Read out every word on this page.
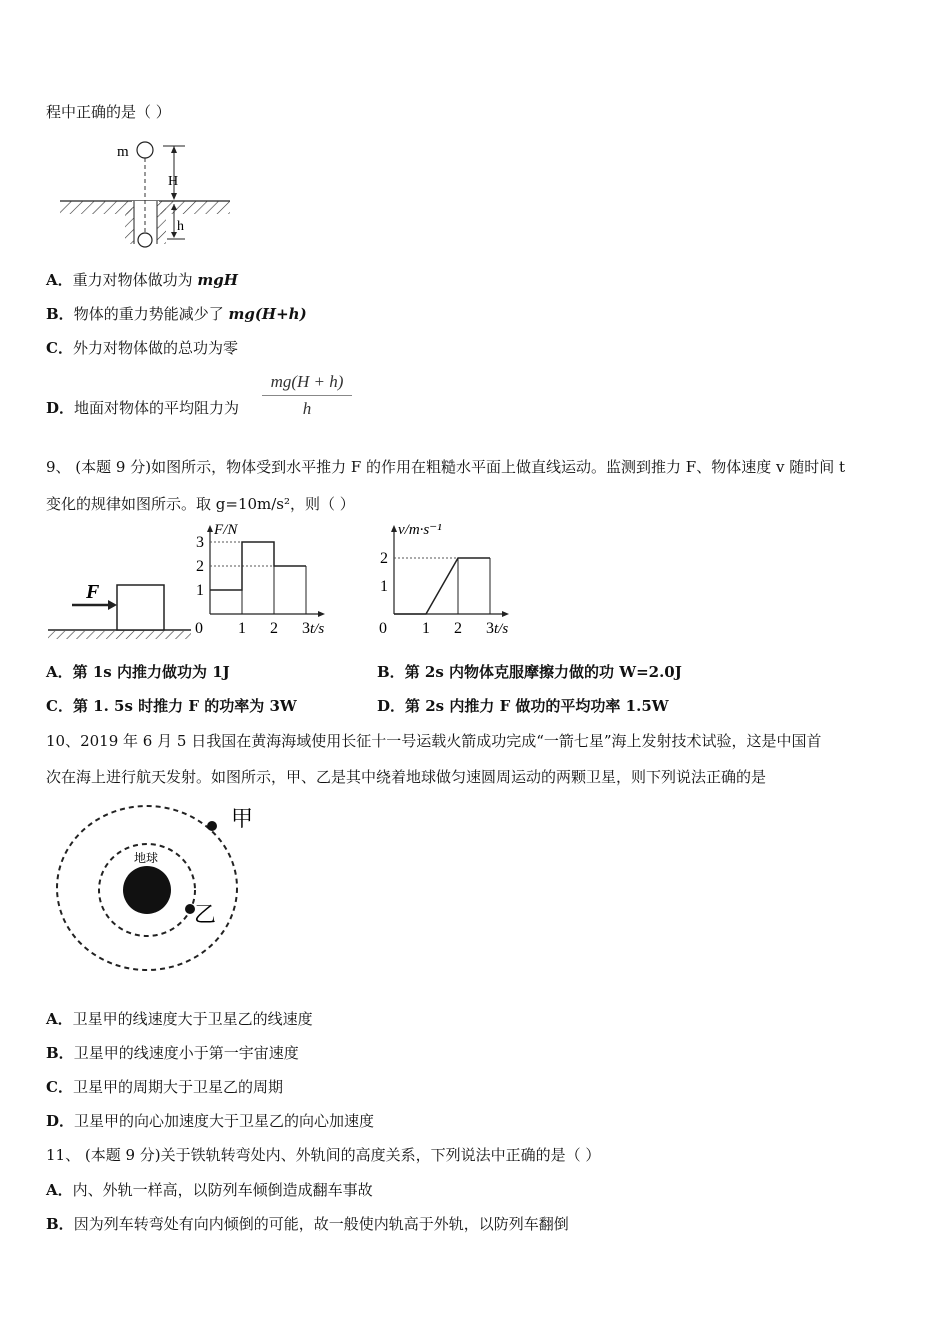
程中正确的是（ ）
m
H
h
A．重力对物体做功为 mgH
B．物体的重力势能减少了 mg(H+h)
C．外力对物体做的总功为零
D．地面对物体的平均阻力为
mg(H + h)
h
9、 (本题 9 分)如图所示，物体受到水平推力 F 的作用在粗糙水平面上做直线运动。监测到推力 F、物体速度 v 随时间 t
变化的规律如图所示。取 g=10m/s²，则（ ）
F
F/N
t/s
0 1 2 3
1
2
3
v/m·s⁻¹
t/s
0 1 2 3
1
2
A．第 1s 内推力做功为 1J	B．第 2s 内物体克服摩擦力做的功 W=2.0J
C．第 1. 5s 时推力 F 的功率为 3W	D．第 2s 内推力 F 做功的平均功率 1.5W
10、2019 年 6 月 5 日我国在黄海海域使用长征十一号运载火箭成功完成“一箭七星”海上发射技术试验，这是中国首
次在海上进行航天发射。如图所示，甲、乙是其中绕着地球做匀速圆周运动的两颗卫星，则下列说法正确的是
地球
甲
乙
A．卫星甲的线速度大于卫星乙的线速度
B．卫星甲的线速度小于第一宇宙速度
C．卫星甲的周期大于卫星乙的周期
D．卫星甲的向心加速度大于卫星乙的向心加速度
11、 (本题 9 分)关于铁轨转弯处内、外轨间的高度关系，下列说法中正确的是（ ）
A．内、外轨一样高，以防列车倾倒造成翻车事故
B．因为列车转弯处有向内倾倒的可能，故一般使内轨高于外轨，以防列车翻倒
